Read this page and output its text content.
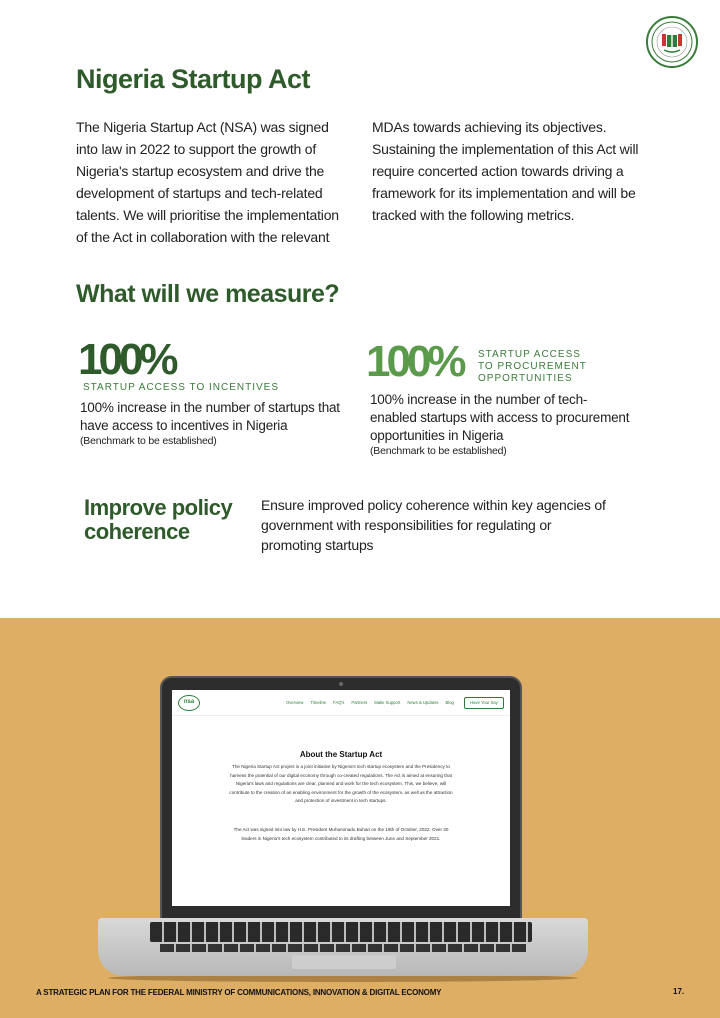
Nigeria Startup Act

The Nigeria Startup Act (NSA) was signed into law in 2022 to support the growth of Nigeria's startup ecosystem and drive the development of startups and tech-related talents. We will prioritise the implementation of the Act in collaboration with the relevant

MDAs towards achieving its objectives. Sustaining the implementation of this Act will require concerted action towards driving a framework for its implementation and will be tracked with the following metrics.

What will we measure?
100%
STARTUP ACCESS TO INCENTIVES
100% increase in the number of startups that have access to incentives in Nigeria
(Benchmark to be established)
100% STARTUP ACCESS TO PROCUREMENT OPPORTUNITIES
100% increase in the number of tech-enabled startups with access to procurement opportunities in Nigeria
(Benchmark to be established)
Improve policy coherence

Ensure improved policy coherence within key agencies of government with responsibilities for regulating or promoting startups

nsa	Overview Timeline FAQ's Partners Make Support News & Updates Blog	Have Your Say
About the Startup Act

The Nigeria Startup Act project is a joint initiative by Nigeria's tech startup ecosystem and the Presidency to harness the potential of our digital economy through co-created regulations. The Act is aimed at ensuring that Nigeria's laws and regulations are clear, planned and work for the tech ecosystem. This, we believe, will contribute to the creation of an enabling environment for the growth of the ecosystem, as well as the attraction and protection of investment in tech startups.

The Act was signed into law by H.E. President Muhammadu Buhari on the 19th of October, 2022. Over 30 leaders in Nigeria's tech ecosystem contributed to its drafting between June and September 2021.

A STRATEGIC PLAN FOR THE FEDERAL MINISTRY OF COMMUNICATIONS, INNOVATION & DIGITAL ECONOMY	17.
